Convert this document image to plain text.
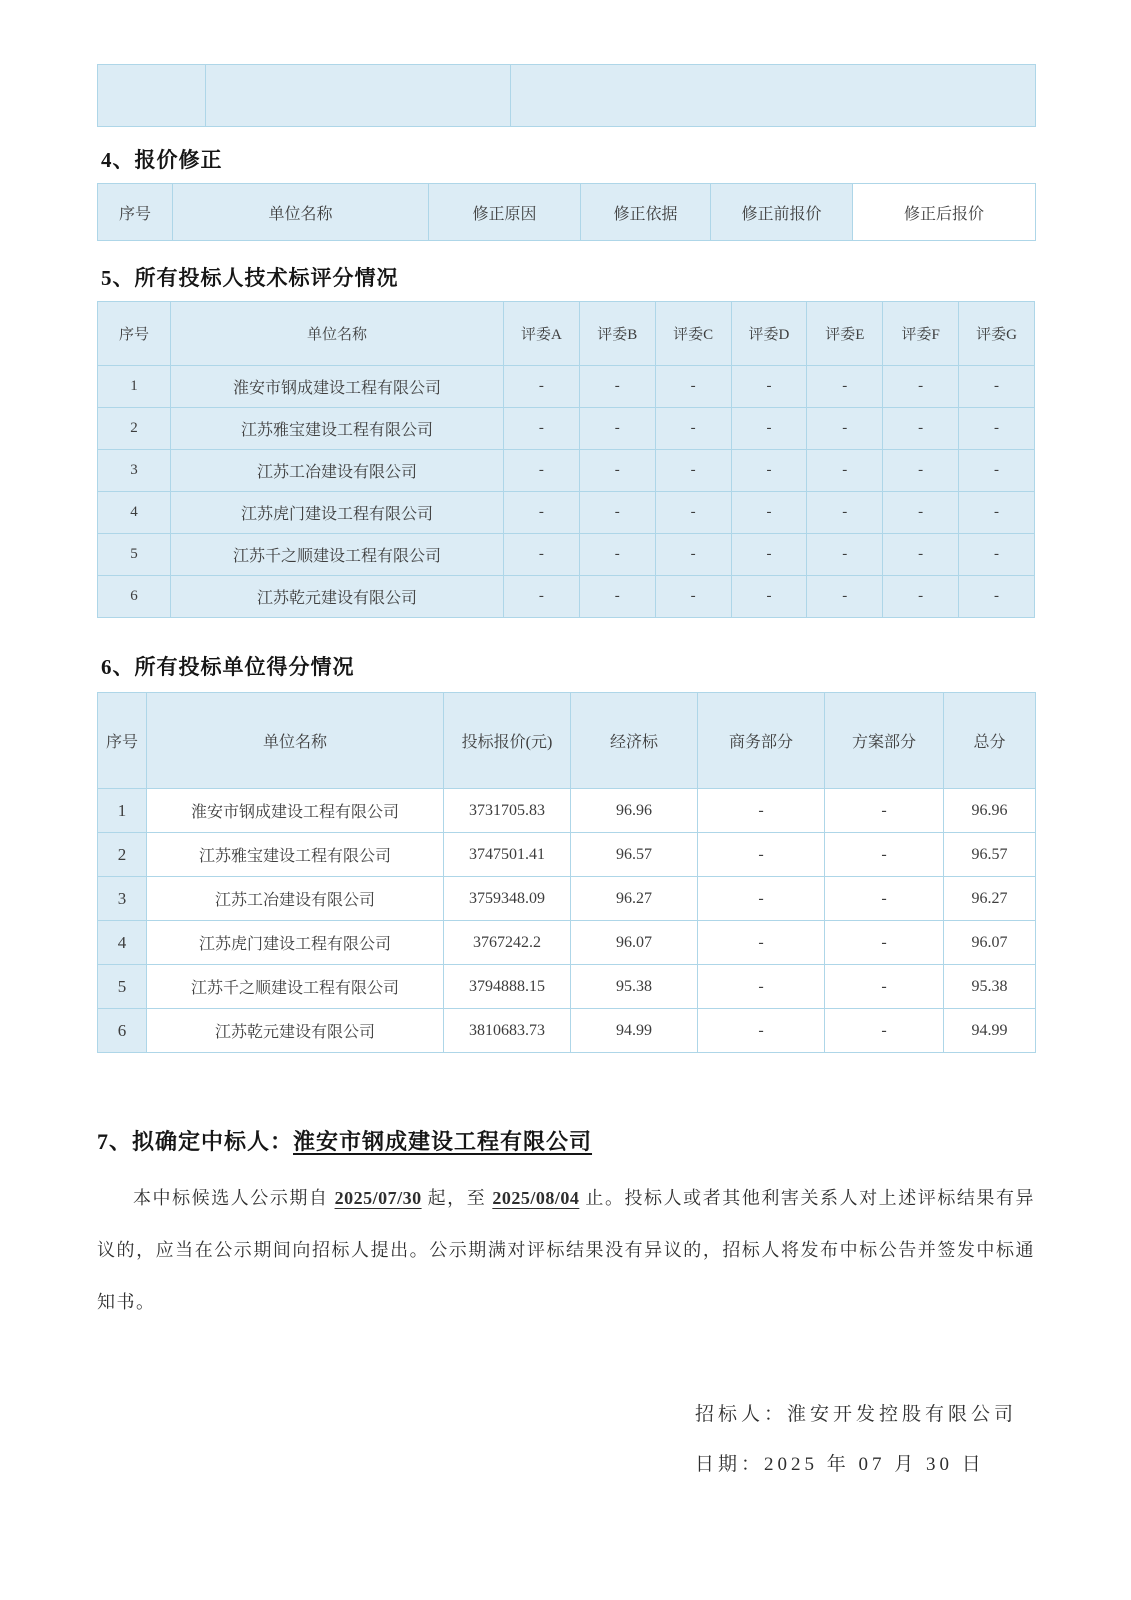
4、报价修正
序号	单位名称	修正原因	修正依据	修正前报价	修正后报价
5、所有投标人技术标评分情况
序号	单位名称	评委A	评委B	评委C	评委D	评委E	评委F	评委G
1	淮安市钢成建设工程有限公司	-	-	-	-	-	-	-
2	江苏雅宝建设工程有限公司	-	-	-	-	-	-	-
3	江苏工冶建设有限公司	-	-	-	-	-	-	-
4	江苏虎门建设工程有限公司	-	-	-	-	-	-	-
5	江苏千之顺建设工程有限公司	-	-	-	-	-	-	-
6	江苏乾元建设有限公司	-	-	-	-	-	-	-
6、所有投标单位得分情况
序号	单位名称	投标报价(元)	经济标	商务部分	方案部分	总分
1	淮安市钢成建设工程有限公司	3731705.83	96.96	-	-	96.96
2	江苏雅宝建设工程有限公司	3747501.41	96.57	-	-	96.57
3	江苏工冶建设有限公司	3759348.09	96.27	-	-	96.27
4	江苏虎门建设工程有限公司	3767242.2	96.07	-	-	96.07
5	江苏千之顺建设工程有限公司	3794888.15	95.38	-	-	95.38
6	江苏乾元建设有限公司	3810683.73	94.99	-	-	94.99
7、拟确定中标人：淮安市钢成建设工程有限公司

本中标候选人公示期自 2025/07/30 起，至 2025/08/04 止。投标人或者其他利害关系人对上述评标结果有异议的，应当在公示期间向招标人提出。公示期满对评标结果没有异议的，招标人将发布中标公告并签发中标通知书。

招标人：淮安开发控股有限公司
日期：2025 年 07 月 30 日
